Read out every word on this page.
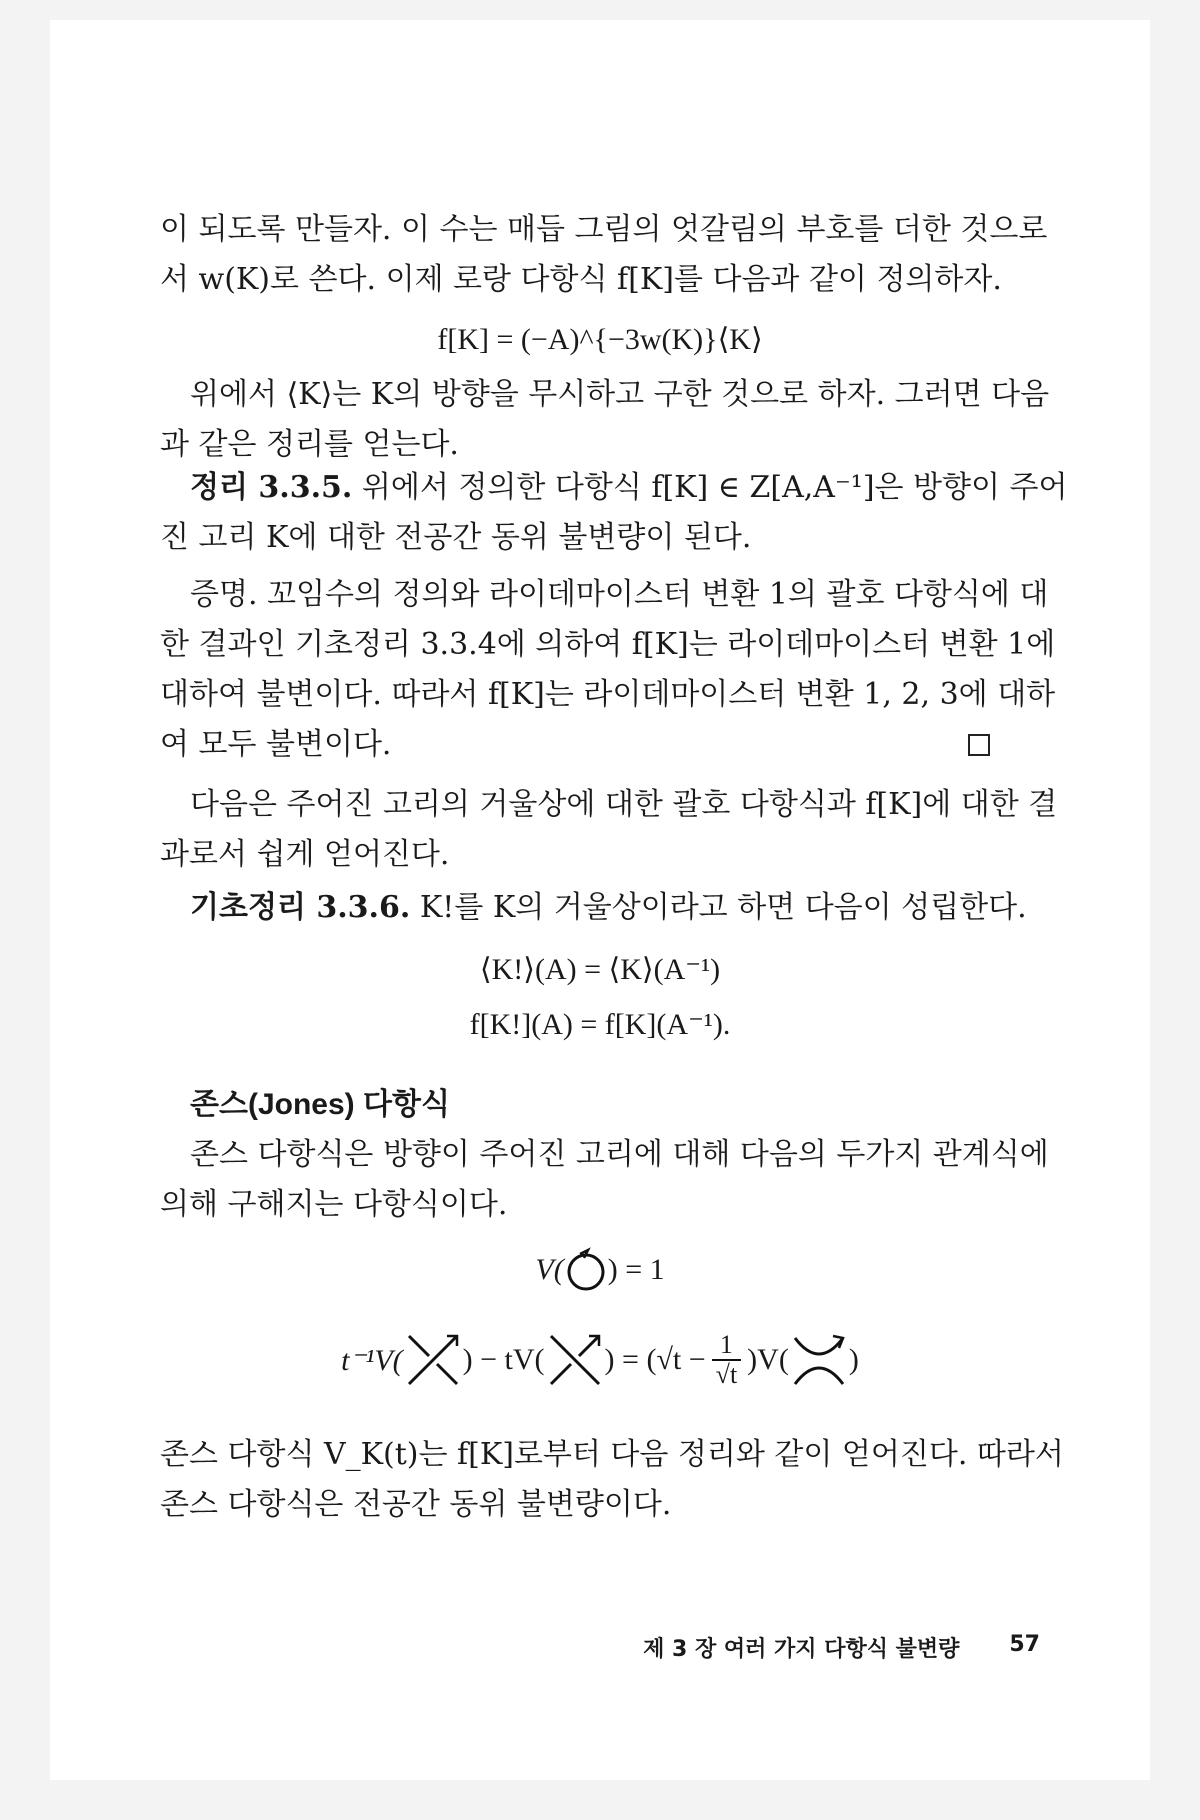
이 되도록 만들자. 이 수는 매듭 그림의 엇갈림의 부호를 더한 것으로
서 w(K)로 쓴다. 이제 로랑 다항식 f[K]를 다음과 같이 정의하자.
f[K] = (−A)^{−3w(K)}⟨K⟩
위에서 ⟨K⟩는 K의 방향을 무시하고 구한 것으로 하자. 그러면 다음
과 같은 정리를 얻는다.
정리 3.3.5. 위에서 정의한 다항식 f[K] ∈ Z[A,A⁻¹]은 방향이 주어
진 고리 K에 대한 전공간 동위 불변량이 된다.
증명. 꼬임수의 정의와 라이데마이스터 변환 1의 괄호 다항식에 대
한 결과인 기초정리 3.3.4에 의하여 f[K]는 라이데마이스터 변환 1에
대하여 불변이다. 따라서 f[K]는 라이데마이스터 변환 1, 2, 3에 대하
여 모두 불변이다.
다음은 주어진 고리의 거울상에 대한 괄호 다항식과 f[K]에 대한 결
과로서 쉽게 얻어진다.
기초정리 3.3.6. K!를 K의 거울상이라고 하면 다음이 성립한다.
⟨K!⟩(A) = ⟨K⟩(A⁻¹)
f[K!](A) = f[K](A⁻¹).
존스(Jones) 다항식
존스 다항식은 방향이 주어진 고리에 대해 다음의 두가지 관계식에
의해 구해지는 다항식이다.
V( ) = 1
t⁻¹V( ) − tV( ) = $(√t - \frac{1}{√t} )V$( )
존스 다항식 V_K(t)는 f[K]로부터 다음 정리와 같이 얻어진다. 따라서
존스 다항식은 전공간 동위 불변량이다.
제 3 장 여러 가지 다항식 불변량 57
